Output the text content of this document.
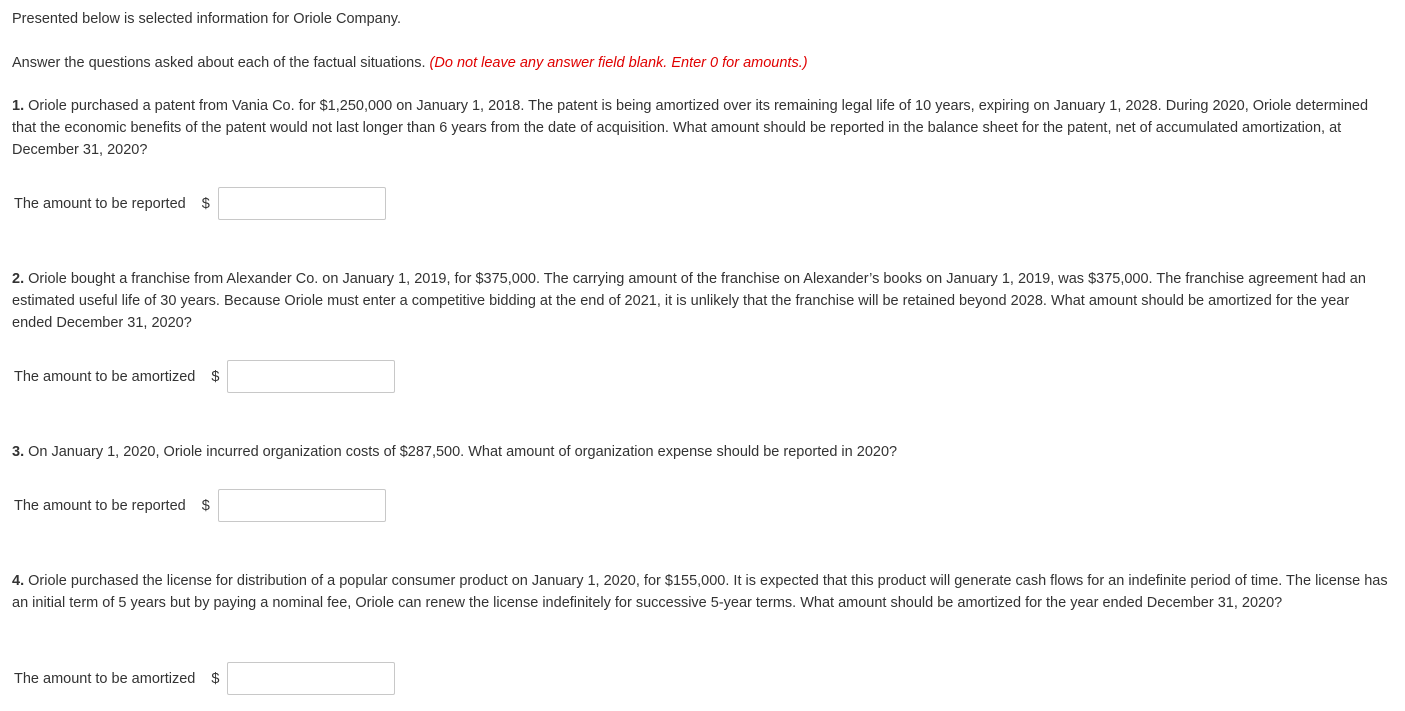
Presented below is selected information for Oriole Company.
Answer the questions asked about each of the factual situations. (Do not leave any answer field blank. Enter 0 for amounts.)
1. Oriole purchased a patent from Vania Co. for $1,250,000 on January 1, 2018. The patent is being amortized over its remaining legal life of 10 years, expiring on January 1, 2028. During 2020, Oriole determined that the economic benefits of the patent would not last longer than 6 years from the date of acquisition. What amount should be reported in the balance sheet for the patent, net of accumulated amortization, at December 31, 2020?
The amount to be reported $
2. Oriole bought a franchise from Alexander Co. on January 1, 2019, for $375,000. The carrying amount of the franchise on Alexander’s books on January 1, 2019, was $375,000. The franchise agreement had an estimated useful life of 30 years. Because Oriole must enter a competitive bidding at the end of 2021, it is unlikely that the franchise will be retained beyond 2028. What amount should be amortized for the year ended December 31, 2020?
The amount to be amortized $
3. On January 1, 2020, Oriole incurred organization costs of $287,500. What amount of organization expense should be reported in 2020?
The amount to be reported $
4. Oriole purchased the license for distribution of a popular consumer product on January 1, 2020, for $155,000. It is expected that this product will generate cash flows for an indefinite period of time. The license has an initial term of 5 years but by paying a nominal fee, Oriole can renew the license indefinitely for successive 5-year terms. What amount should be amortized for the year ended December 31, 2020?
The amount to be amortized $
